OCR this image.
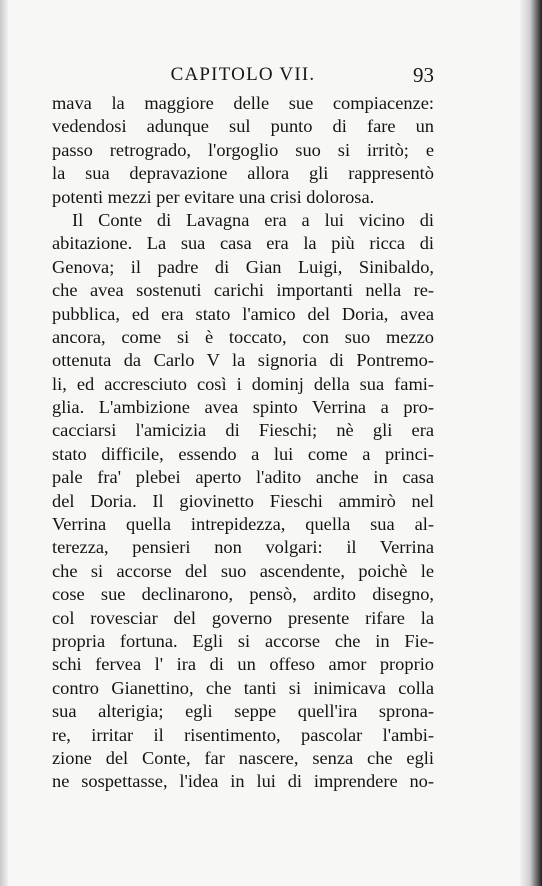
CAPITOLO VII.	93
mava la maggiore delle sue compiacenze:
vedendosi adunque sul punto di fare un
passo retrogrado, l'orgoglio suo si irritò; e
la sua depravazione allora gli rappresentò
potenti mezzi per evitare una crisi dolorosa.
Il Conte di Lavagna era a lui vicino di
abitazione. La sua casa era la più ricca di
Genova; il padre di Gian Luigi, Sinibaldo,
che avea sostenuti carichi importanti nella re-
pubblica, ed era stato l'amico del Doria, avea
ancora, come si è toccato, con suo mezzo
ottenuta da Carlo V la signoria di Pontremo-
li, ed accresciuto così i dominj della sua fami-
glia. L'ambizione avea spinto Verrina a pro-
cacciarsi l'amicizia di Fieschi; nè gli era
stato difficile, essendo a lui come a princi-
pale fra' plebei aperto l'adito anche in casa
del Doria. Il giovinetto Fieschi ammirò nel
Verrina quella intrepidezza, quella sua al-
terezza, pensieri non volgari: il Verrina
che si accorse del suo ascendente, poichè le
cose sue declinarono, pensò, ardito disegno,
col rovesciar del governo presente rifare la
propria fortuna. Egli si accorse che in Fie-
schi fervea l' ira di un offeso amor proprio
contro Gianettino, che tanti si inimicava colla
sua alterigia; egli seppe quell'ira sprona-
re, irritar il risentimento, pascolar l'ambi-
zione del Conte, far nascere, senza che egli
ne sospettasse, l'idea in lui di imprendere no-
